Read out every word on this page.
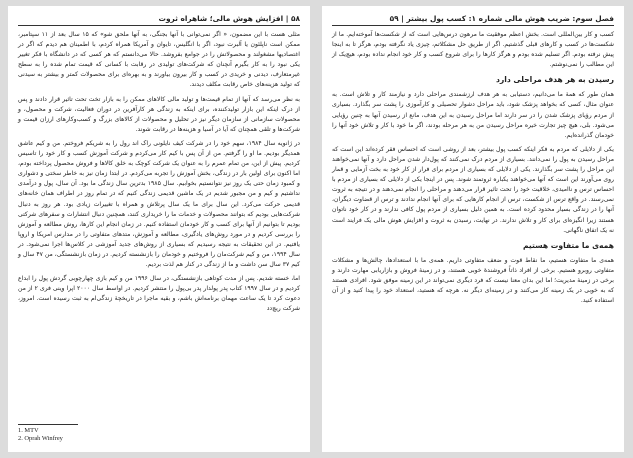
۵۸ | افزایش هوش مالی؛ شاهراه ثروت

مثلی هست با این مضمون، « اگر نمی‌توانی با آنها بجنگی، به آنها ملحق شو» که ۱۵ سال بعد از ۱۱ سپتامبر، ممکن است ناپلئون یا آلبرت نبود، اگر با انگلیس، تایوان و آمریکا همراه کردم، با اطمینان هم دیدم که اگر در اغتصادیها مشغولند و محصولاتش را در جوامع بفروشد. حالا می‌دانستم که هر کسی که در دانشگاه با فکر تغییر یکی نبود را به کار بگیرم آنچنان که شرکت‌های تولیدی در رقابت با کسانی که قیمت تمام شده را به سطح غیرمتعارف، دیدنی و خریدی در کسب و کار بیرون بیاورند و به بهره‌ای برای محصولات کمتر و بیشتر به سیدنی که تولید هزینه‌های خاص رقابت مکلف دیدند.

به نظر می‌رسد که آنها از تمام قیمت‌ها و تولید مالی کالاهای ممکن را به بازار تخت تحت تاثیر قرار دادند و پس از درک اینکه این بازار تولیدکننده، برای اینکه به زندگی هر کارآفرین در دوران فعالیت، شرکت و محصول، و محصولات سازمانی از سازمان دیگر نیز در تحلیل و محصولات از کالاهای بزرگ و کسب‌وکارهای ارزان قیمت و شرکت‌ها و تلقی همچنان که آیا در آسیا و هزینه‌ها در رقابت شوند.

در ژانویه سال ۱۹۸۴، سهم خود را در شرکت کیف نایلونی راک اند رول را به شریکم فروختم. من و کیم عاشق همدیگر بودیم. ما او را گرفتم. من از آن پس با کیم کار می‌کردم و شرکت آموزش کسب و کار خود را تاسیس کردیم. پیش از این، من تمام عمرم را به عنوان یک شرکت کوچک به خلق کالاها و فروش محصول پرداخته بودم، اما اکنون برای اولین بار در زندگی، بخش آموزش را تجربه می‌کردم. در ابتدا زمان نیز به خاطر سختی و دشواری و کمبود زمان حتی یک روز نیز نتوانستیم بخوابیم. سال ۱۹۸۵ بدترین سال زندگی ما بود. آن سال، پول و درآمدی نداشتیم و کیم و من مجبور شدیم در یک ماشین قدیمی زندگی کنیم که در تمام روز در اطراف همان خانه‌های قدیمی حرکت می‌کرد. این سال برای ما یک سال پرتلاش و همراه با تغییرات زیادی بود. هر روز به دنبال شرکت‌هایی بودیم که بتوانند محصولات و خدمات ما را خریداری کنند، همچنین دنبال انتشارات و سفرهای شرکتی بودیم تا بتوانیم از آنها برای کسب و کار خودمان استفاده کنیم. در زمان انجام این کارها، روش مطالعه و آموزش را بررسی کردیم و در مورد روش‌های یادگیری، مطالعه و آموزش، متدهای متفاوتی را در مدارس امریکا و اروپا یافتیم. در این تحقیقات به نتیجه رسیدیم که بسیاری از روش‌های جدید آموزشی در کلاس‌ها اجرا نمی‌شود. در سال ۱۹۹۴، من و کیم شرکت‌مان را فروختیم و خودمان را بازنشسته کردیم. در زمان بازنشستگی، من ۴۷ سال و کیم ۳۷ سال سن داشت و ما از زندگی در کنار هم لذت بردیم.

اما، خسته شدیم. پس از مدت کوتاهی بازنشستگی، در سال ۱۹۹۶ من و کیم بازی چهارچوبی گردش پول را ابداع کردیم و در سال ۱۹۹۷ کتاب پدر پولدار پدر بی‌پول را منتشر کردیم. در اواسط سال ۲۰۰۰ اپرا وینی فری ۲ از من دعوت کرد تا یک ساعت مهمان برنامه‌اش باشم، و بقیه ماجرا در تاریخچهٔ زندگی‌ام به ثبت رسیده است. امروز، شرکت ریچ‌دد

1. MTV
2. Oprah Winfrey
فصل سوم: ضریب هوش مالی شماره ۱: کسب پول بیشتر | ۵۹

کسب و کار بین‌المللی است. بخش اعظم موفقیت ما مرهون درس‌هایی است که از شکست‌ها آموخته‌ایم. ما از شکست‌ها در کسب و کارهای قبلی گذشتیم. اگر از طریق حل مشکلاتم، چیزی یاد نگرفته بودم، هرگز تا به اینجا پیش نرفته بودم. اگر تسلیم شده بودم و هرگز کارها را برای شروع کسب و کار خود انجام نداده بودم، هیچ‌یک از این مطالب را نمی‌نوشتم.

رسیدن به هر هدف مراحلی دارد

همان طور که همهٔ ما می‌دانیم، دستیابی به هر هدف ارزشمندی مراحلی دارد و نیازمند کار و تلاش است. به عنوان مثال، کسی که بخواهد پزشک شود، باید مراحل دشوار تحصیلی و کارآموزی را پشت سر بگذارد. بسیاری از مردم رؤیای پزشک شدن را در سر دارند اما مراحل رسیدن به این هدف، مانع از رسیدن آنها به چنین رؤیایی می‌شود. بلی، هیچ چیز تجارت خیره مراحل رسیدن من به هر مرحله بودند، اگر ما خود با کار و تلاش خود آنها را خودمان گذرانده‌ایم.

یکی از دلایلی که مردم به فکر اینکه کسب پول بیشتر، بعد از روشی است که احساس فقر کرده‌اند این است که مراحل رسیدن به پول را نمی‌دانند. بسیاری از مردم درک نمی‌کنند که پول‌دار شدن مراحل دارد و آنها نمی‌خواهند این مراحل را پشت سر بگذارند. یکی از دلایلی که بسیاری از مردم برای فرار از کار خود به بخت آزمایی و قمار روی می‌آورند این است که آنها می‌خواهند یکباره ثروتمند شوند. پس در اینجا یکی از دلایلی که بسیاری از مردم با احساس ترس و ناامیدی، خلاقیت خود را تحت تاثیر قرار می‌دهند و مراحلی را انجام نمی‌دهند و در نتیجه به ثروت نمی‌رسند. در واقع ترس از شکست، ترس از انجام کارهایی که برای آنها انجام ندادند و ترس از قضاوت دیگران، آنها را در زندگی بسیار محدود کرده است. به همین دلیل بسیاری از مردم پول کافی ندارند و در کار خود ناتوان هستند زیرا انگیزه‌ای برای کار و تلاش ندارند. در نهایت، رسیدن به ثروت و افزایش هوش مالی یک فرایند است نه یک اتفاق ناگهانی.

همه‌ی ما متفاوت هستیم

همه‌ی ما متفاوت هستیم، ما نقاط قوت و ضعف متفاوتی داریم. همه‌ی ما با استعدادها، چالش‌ها و مشکلات متفاوتی روبرو هستیم. برخی از افراد ذاتاً فروشندهٔ خوبی هستند، و در زمینهٔ فروش و بازاریابی مهارت دارند و برخی در زمینهٔ مدیریت؛ اما این بدان معنا نیست که فرد دیگری نمی‌تواند در این زمینه موفق شود. افرادی هستند که به خوبی در یک زمینه کار می‌کنند و در زمینه‌ای دیگر نه. هرچه که هستید، استعداد خود را پیدا کنید و از آن استفاده کنید.
